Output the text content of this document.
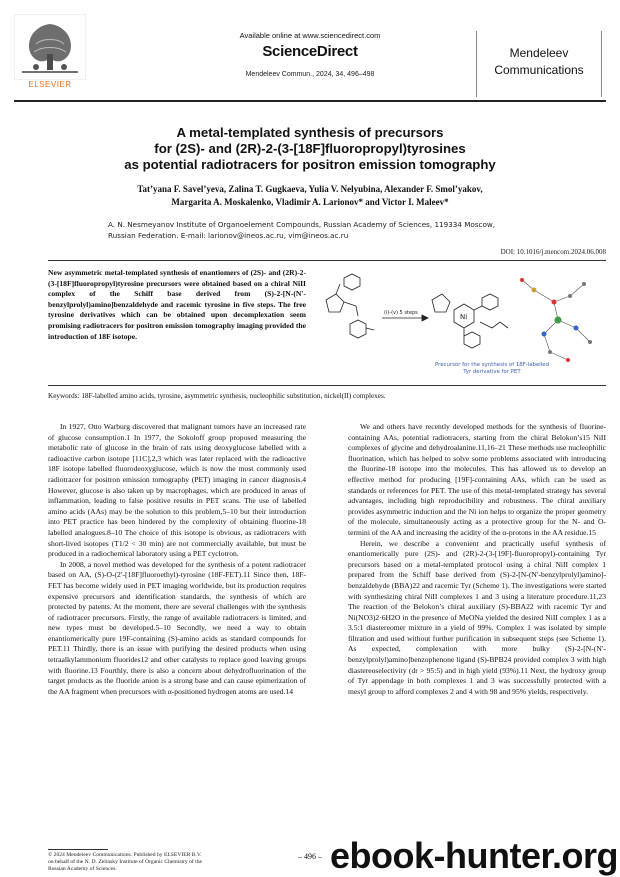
ELSEVIER
Available online at www.sciencedirect.com
ScienceDirect
Mendeleev Commun., 2024, 34, 496–498
Mendeleev
Communications
A metal-templated synthesis of precursors
for (2S)- and (2R)-2-(3-[18F]fluoropropyl)tyrosines
as potential radiotracers for positron emission tomography
Tat’yana F. Savel’yeva, Zalina T. Gugkaeva, Yulia V. Nelyubina, Alexander F. Smol’yakov,
Margarita A. Moskalenko, Vladimir A. Larionov* and Victor I. Maleev*
A. N. Nesmeyanov Institute of Organoelement Compounds, Russian Academy of Sciences, 119334 Moscow,
Russian Federation. E-mail: larionov@ineos.ac.ru, vim@ineos.ac.ru
DOI: 10.1016/j.mencom.2024.06.008
New asymmetric metal-templated synthesis of enantiomers of (2S)- and (2R)-2-(3-[18F]fluoropropyl)tyrosine precursors were obtained based on a chiral NiII complex of the Schiff base derived from (S)-2-[N-(N′-benzylprolyl)amino]benzaldehyde and racemic tyrosine in five steps. The free tyrosine derivatives which can be obtained upon decomplexation seem promising radiotracers for positron emission tomography imaging provided the introduction of 18F isotope.
(i)-(v) 5 steps	Ni
Precursor for the synthesis of 18F-labelled
Tyr derivative for PET
Keywords: 18F-labelled amino acids, tyrosine, asymmetric synthesis, nucleophilic substitution, nickel(II) complexes.

In 1927, Otto Warburg discovered that malignant tumors have an increased rate of glucose consumption.1 In 1977, the Sokoloff group proposed measuring the metabolic rate of glucose in the brain of rats using deoxyglucose labelled with a radioactive carbon isotope [11C],2,3 which was later replaced with the radioactive 18F isotope labelled fluorodeoxyglucose, which is now the most commonly used radiotracer for positron emission tomography (PET) imaging in cancer diagnosis.4 However, glucose is also taken up by macrophages, which are produced in areas of inflammation, leading to false positive results in PET scans. The use of labelled amino acids (AAs) may be the solution to this problem,5–10 but their introduction into PET practice has been hindered by the complexity of obtaining fluorine-18 labelled analogues.8–10 The choice of this isotope is obvious, as radiotracers with short-lived isotopes (T1/2 < 30 min) are not commercially available, but must be produced in a radiochemical laboratory using a PET cyclotron.

In 2008, a novel method was developed for the synthesis of a potent radiotracer based on AA, (S)-O-(2′-[18F]fluoroethyl)-tyrosine (18F-FET).11 Since then, 18F-FET has become widely used in PET imaging worldwide, but its production requires expensive precursors and identification standards, the synthesis of which are protected by patents. At the moment, there are several challenges with the synthesis of radiotracer precursors. Firstly, the range of available radiotracers is limited, and new types must be developed.5–10 Secondly, we need a way to obtain enantiomerically pure 19F-containing (S)-amino acids as standard compounds for PET.11 Thirdly, there is an issue with purifying the desired products when using tetraalkylammonium fluorides12 and other catalysts to replace good leaving groups with fluorine.13 Fourthly, there is also a concern about dehydrofluorination of the target products as the fluoride anion is a strong base and can cause epimerization of the AA fragment when precursors with α-positioned hydrogen atoms are used.14

We and others have recently developed methods for the synthesis of fluorine-containing AAs, potential radiotracers, starting from the chiral Belokon’s15 NiII complexes of glycine and dehydroalanine.11,16–21 These methods use nucleophilic fluorination, which has helped to solve some problems associated with introducing the fluorine-18 isotope into the molecules. This has allowed us to develop an effective method for producing [19F]-containing AAs, which can be used as standards or references for PET. The use of this metal-templated strategy has several advantages, including high reproducibility and robustness. The chiral auxiliary provides asymmetric induction and the Ni ion helps to organize the proper geometry of the molecule, simultaneously acting as a protective group for the N- and O-termini of the AA and increasing the acidity of the α-protons in the AA residue.15

Herein, we describe a convenient and practically useful synthesis of enantiomerically pure (2S)- and (2R)-2-(3-[19F]-fluoropropyl)-containing Tyr precursors based on a metal-templated protocol using a chiral NiII complex 1 prepared from the Schiff base derived from (S)-2-[N-(N′-benzylprolyl)amino]-benzaldehyde (BBA)22 and racemic Tyr (Scheme 1). The investigations were started with synthesizing chiral NiII complexes 1 and 3 using a literature procedure.11,23 The reaction of the Belokon’s chiral auxiliary (S)-BBA22 with racemic Tyr and Ni(NO3)2·6H2O in the presence of MeONa yielded the desired NiII complex 1 as a 3.5:1 diastereomer mixture in a yield of 99%. Complex 1 was isolated by simple filtration and used without further purification in subsequent steps (see Scheme 1). As expected, complexation with more bulky (S)-2-[N-(N′-benzylprolyl)amino]benzophenone ligand (S)-BPB24 provided complex 3 with high diastereoselectivity (dr > 95:5) and in high yield (93%).11 Next, the hydroxy group of Tyr appendage in both complexes 1 and 3 was successfully protected with a mesyl group to afford complexes 2 and 4 with 98 and 95% yields, respectively.

© 2024 Mendeleev Communications. Published by ELSEVIER B.V.
on behalf of the N. D. Zelinsky Institute of Organic Chemistry of the
Russian Academy of Sciences.
– 496 – ebook-hunter.org
